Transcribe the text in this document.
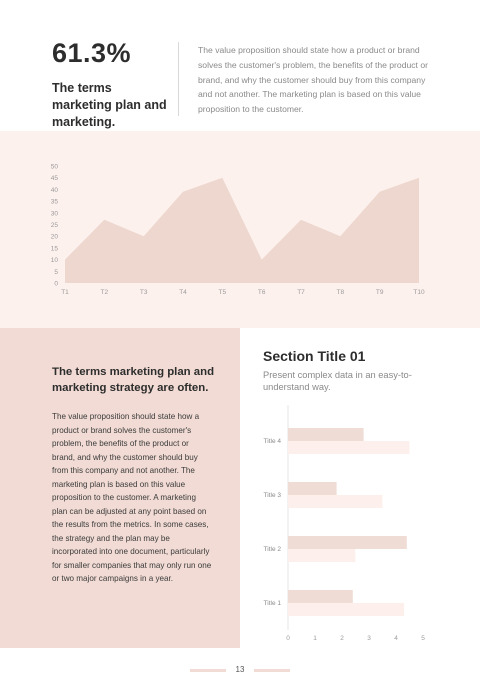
61.3%
The terms marketing plan and marketing.
The value proposition should state how a product or brand solves the customer's problem, the benefits of the product or brand, and why the customer should buy from this company and not another. The marketing plan is based on this value proposition to the customer.
0
5
10
15
20
25
30
35
40
45
50
T1	T2	T3	T4	T5	T6	T7	T8	T9	T10
The terms marketing plan and marketing strategy are often.
The value proposition should state how a product or brand solves the customer's problem, the benefits of the product or brand, and why the customer should buy from this company and not another. The marketing plan is based on this value proposition to the customer. A marketing plan can be adjusted at any point based on the results from the metrics. In some cases, the strategy and the plan may be incorporated into one document, particularly for smaller companies that may only run one or two major campaigns in a year.
Section Title 01
Present complex data in an easy-to-understand way.
Title 4
Title 3
Title 2
Title 1
0	1	2	3	4	5
13
